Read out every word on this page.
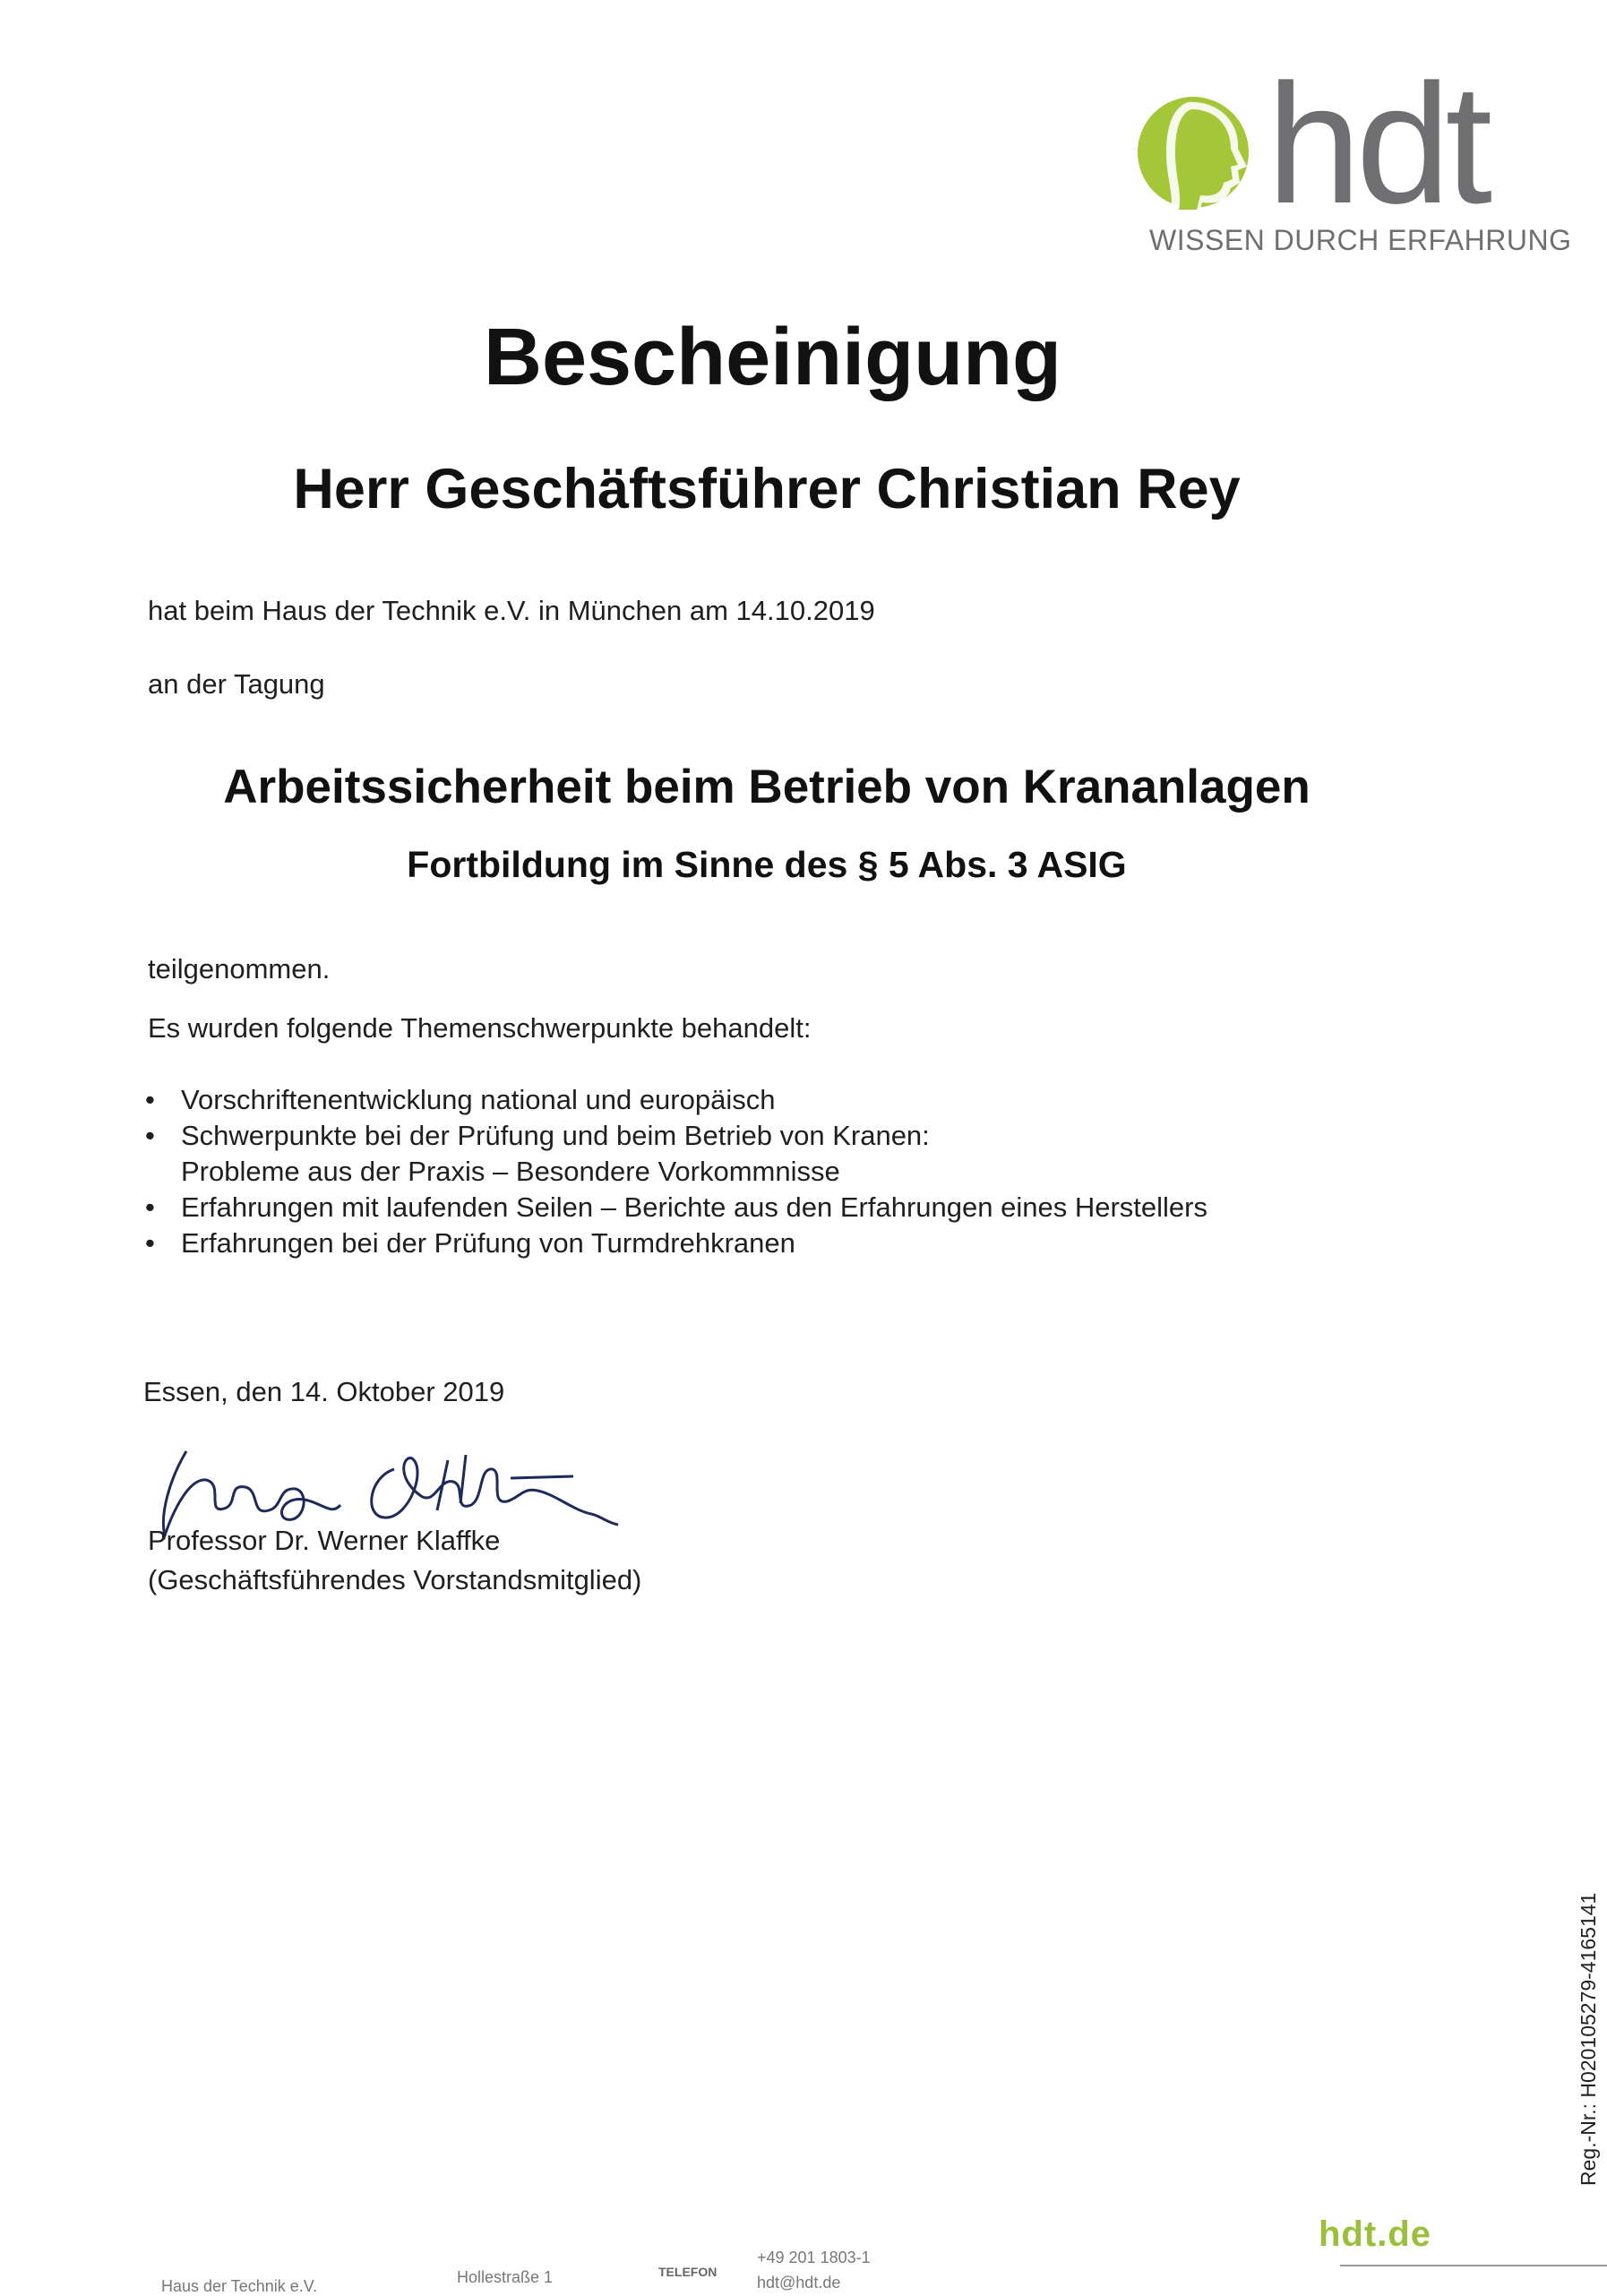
hdt
WISSEN DURCH ERFAHRUNG
Bescheinigung
Herr Geschäftsführer Christian Rey
hat beim Haus der Technik e.V. in München am 14.10.2019
an der Tagung
Arbeitssicherheit beim Betrieb von Krananlagen
Fortbildung im Sinne des § 5 Abs. 3 ASIG
teilgenommen.
Es wurden folgende Themenschwerpunkte behandelt:
• Vorschriftenentwicklung national und europäisch
• Schwerpunkte bei der Prüfung und beim Betrieb von Kranen:
Probleme aus der Praxis – Besondere Vorkommnisse
• Erfahrungen mit laufenden Seilen – Berichte aus den Erfahrungen eines Herstellers
• Erfahrungen bei der Prüfung von Turmdrehkranen
Essen, den 14. Oktober 2019
Professor Dr. Werner Klaffke
(Geschäftsführendes Vorstandsmitglied)
Reg.-Nr.: H020105279-4165141
hdt.de
Haus der Technik e.V.	Hollestraße 1	TELEFON
+49 201 1803-1
hdt@hdt.de
